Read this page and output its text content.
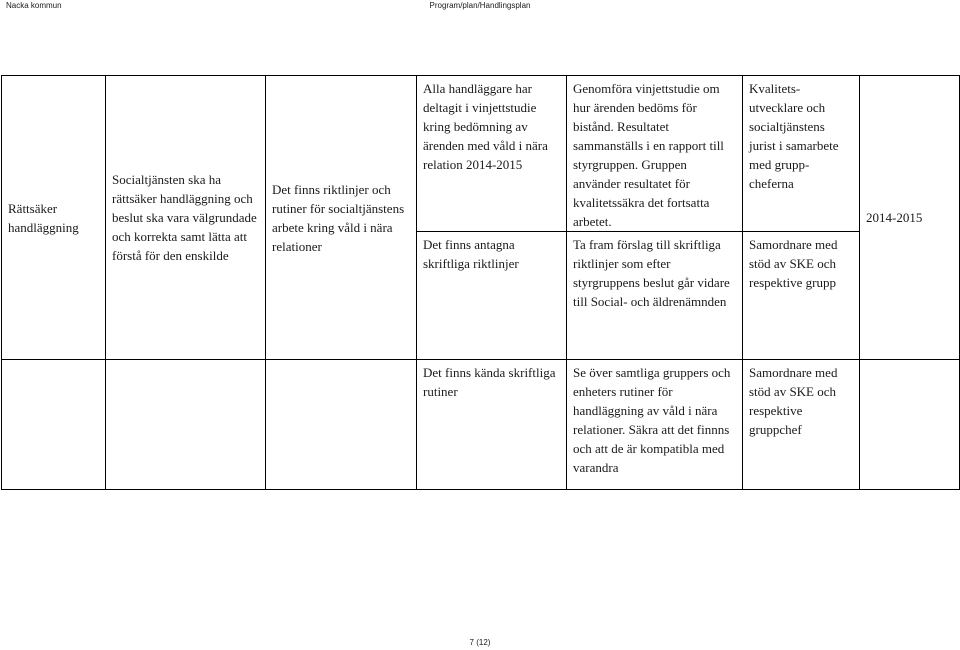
Nacka kommun	Program/plan/Handlingsplan
Rättsäker handläggning	Socialtjänsten ska ha rättsäker handläggning och beslut ska vara välgrundade och korrekta samt lätta att förstå för den enskilde	Det finns riktlinjer och rutiner för socialtjänstens arbete kring våld i nära relationer	Alla handläggare har deltagit i vinjettstudie kring bedömning av ärenden med våld i nära relation 2014-2015	Genomföra vinjettstudie om hur ärenden bedöms för bistånd. Resultatet sammanställs i en rapport till styrgruppen. Gruppen använder resultatet för kvalitetssäkra det fortsatta arbetet.	Kvalitets-utvecklare och socialtjänstens jurist i samarbete med grupp-cheferna	2014-2015
			Det finns antagna skriftliga riktlinjer	Ta fram förslag till skriftliga riktlinjer som efter styrgruppens beslut går vidare till Social- och äldrenämnden	Samordnare med stöd av SKE och respektive grupp	
			Det finns kända skriftliga rutiner	Se över samtliga gruppers och enheters rutiner för handläggning av våld i nära relationer. Säkra att det finnns och att de är kompatibla med varandra	Samordnare med stöd av SKE och respektive gruppchef	
7 (12)
